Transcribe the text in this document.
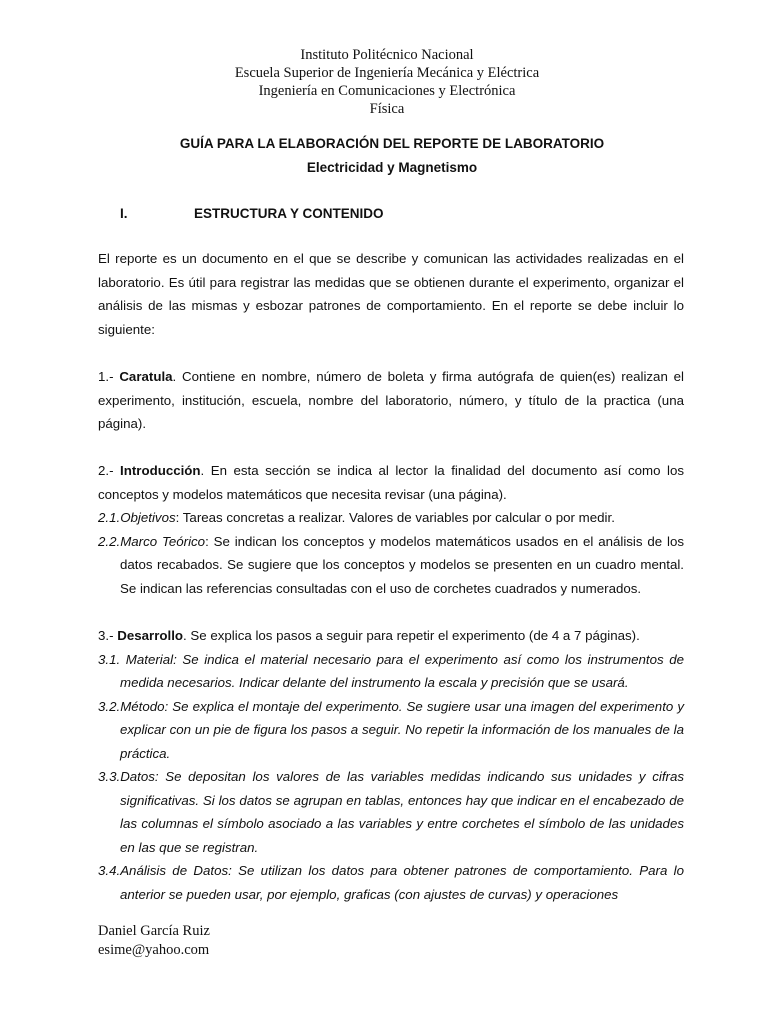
Instituto Politécnico Nacional
Escuela Superior de Ingeniería Mecánica y Eléctrica
Ingeniería en Comunicaciones y Electrónica
Física
GUÍA PARA LA ELABORACIÓN DEL REPORTE DE LABORATORIO
Electricidad y Magnetismo
I.	ESTRUCTURA Y CONTENIDO

El reporte es un documento en el que se describe y comunican las actividades realizadas en el laboratorio. Es útil para registrar las medidas que se obtienen durante el experimento, organizar el análisis de las mismas y esbozar patrones de comportamiento. En el reporte se debe incluir lo siguiente:

1.- Caratula. Contiene en nombre, número de boleta y firma autógrafa de quien(es) realizan el experimento, institución, escuela, nombre del laboratorio, número, y título de la practica (una página).

2.- Introducción. En esta sección se indica al lector la finalidad del documento así como los conceptos y modelos matemáticos que necesita revisar (una página).

2.1.Objetivos: Tareas concretas a realizar. Valores de variables por calcular o por medir.

2.2.Marco Teórico: Se indican los conceptos y modelos matemáticos usados en el análisis de los datos recabados. Se sugiere que los conceptos y modelos se presenten en un cuadro mental. Se indican las referencias consultadas con el uso de corchetes cuadrados y numerados.

3.- Desarrollo. Se explica los pasos a seguir para repetir el experimento (de 4 a 7 páginas).

3.1. Material: Se indica el material necesario para el experimento así como los instrumentos de medida necesarios. Indicar delante del instrumento la escala y precisión que se usará.

3.2.Método: Se explica el montaje del experimento. Se sugiere usar una imagen del experimento y explicar con un pie de figura los pasos a seguir. No repetir la información de los manuales de la práctica.

3.3.Datos: Se depositan los valores de las variables medidas indicando sus unidades y cifras significativas. Si los datos se agrupan en tablas, entonces hay que indicar en el encabezado de las columnas el símbolo asociado a las variables y entre corchetes el símbolo de las unidades en las que se registran.

3.4.Análisis de Datos: Se utilizan los datos para obtener patrones de comportamiento. Para lo anterior se pueden usar, por ejemplo, graficas (con ajustes de curvas) y operaciones

Daniel García Ruiz
esime@yahoo.com
